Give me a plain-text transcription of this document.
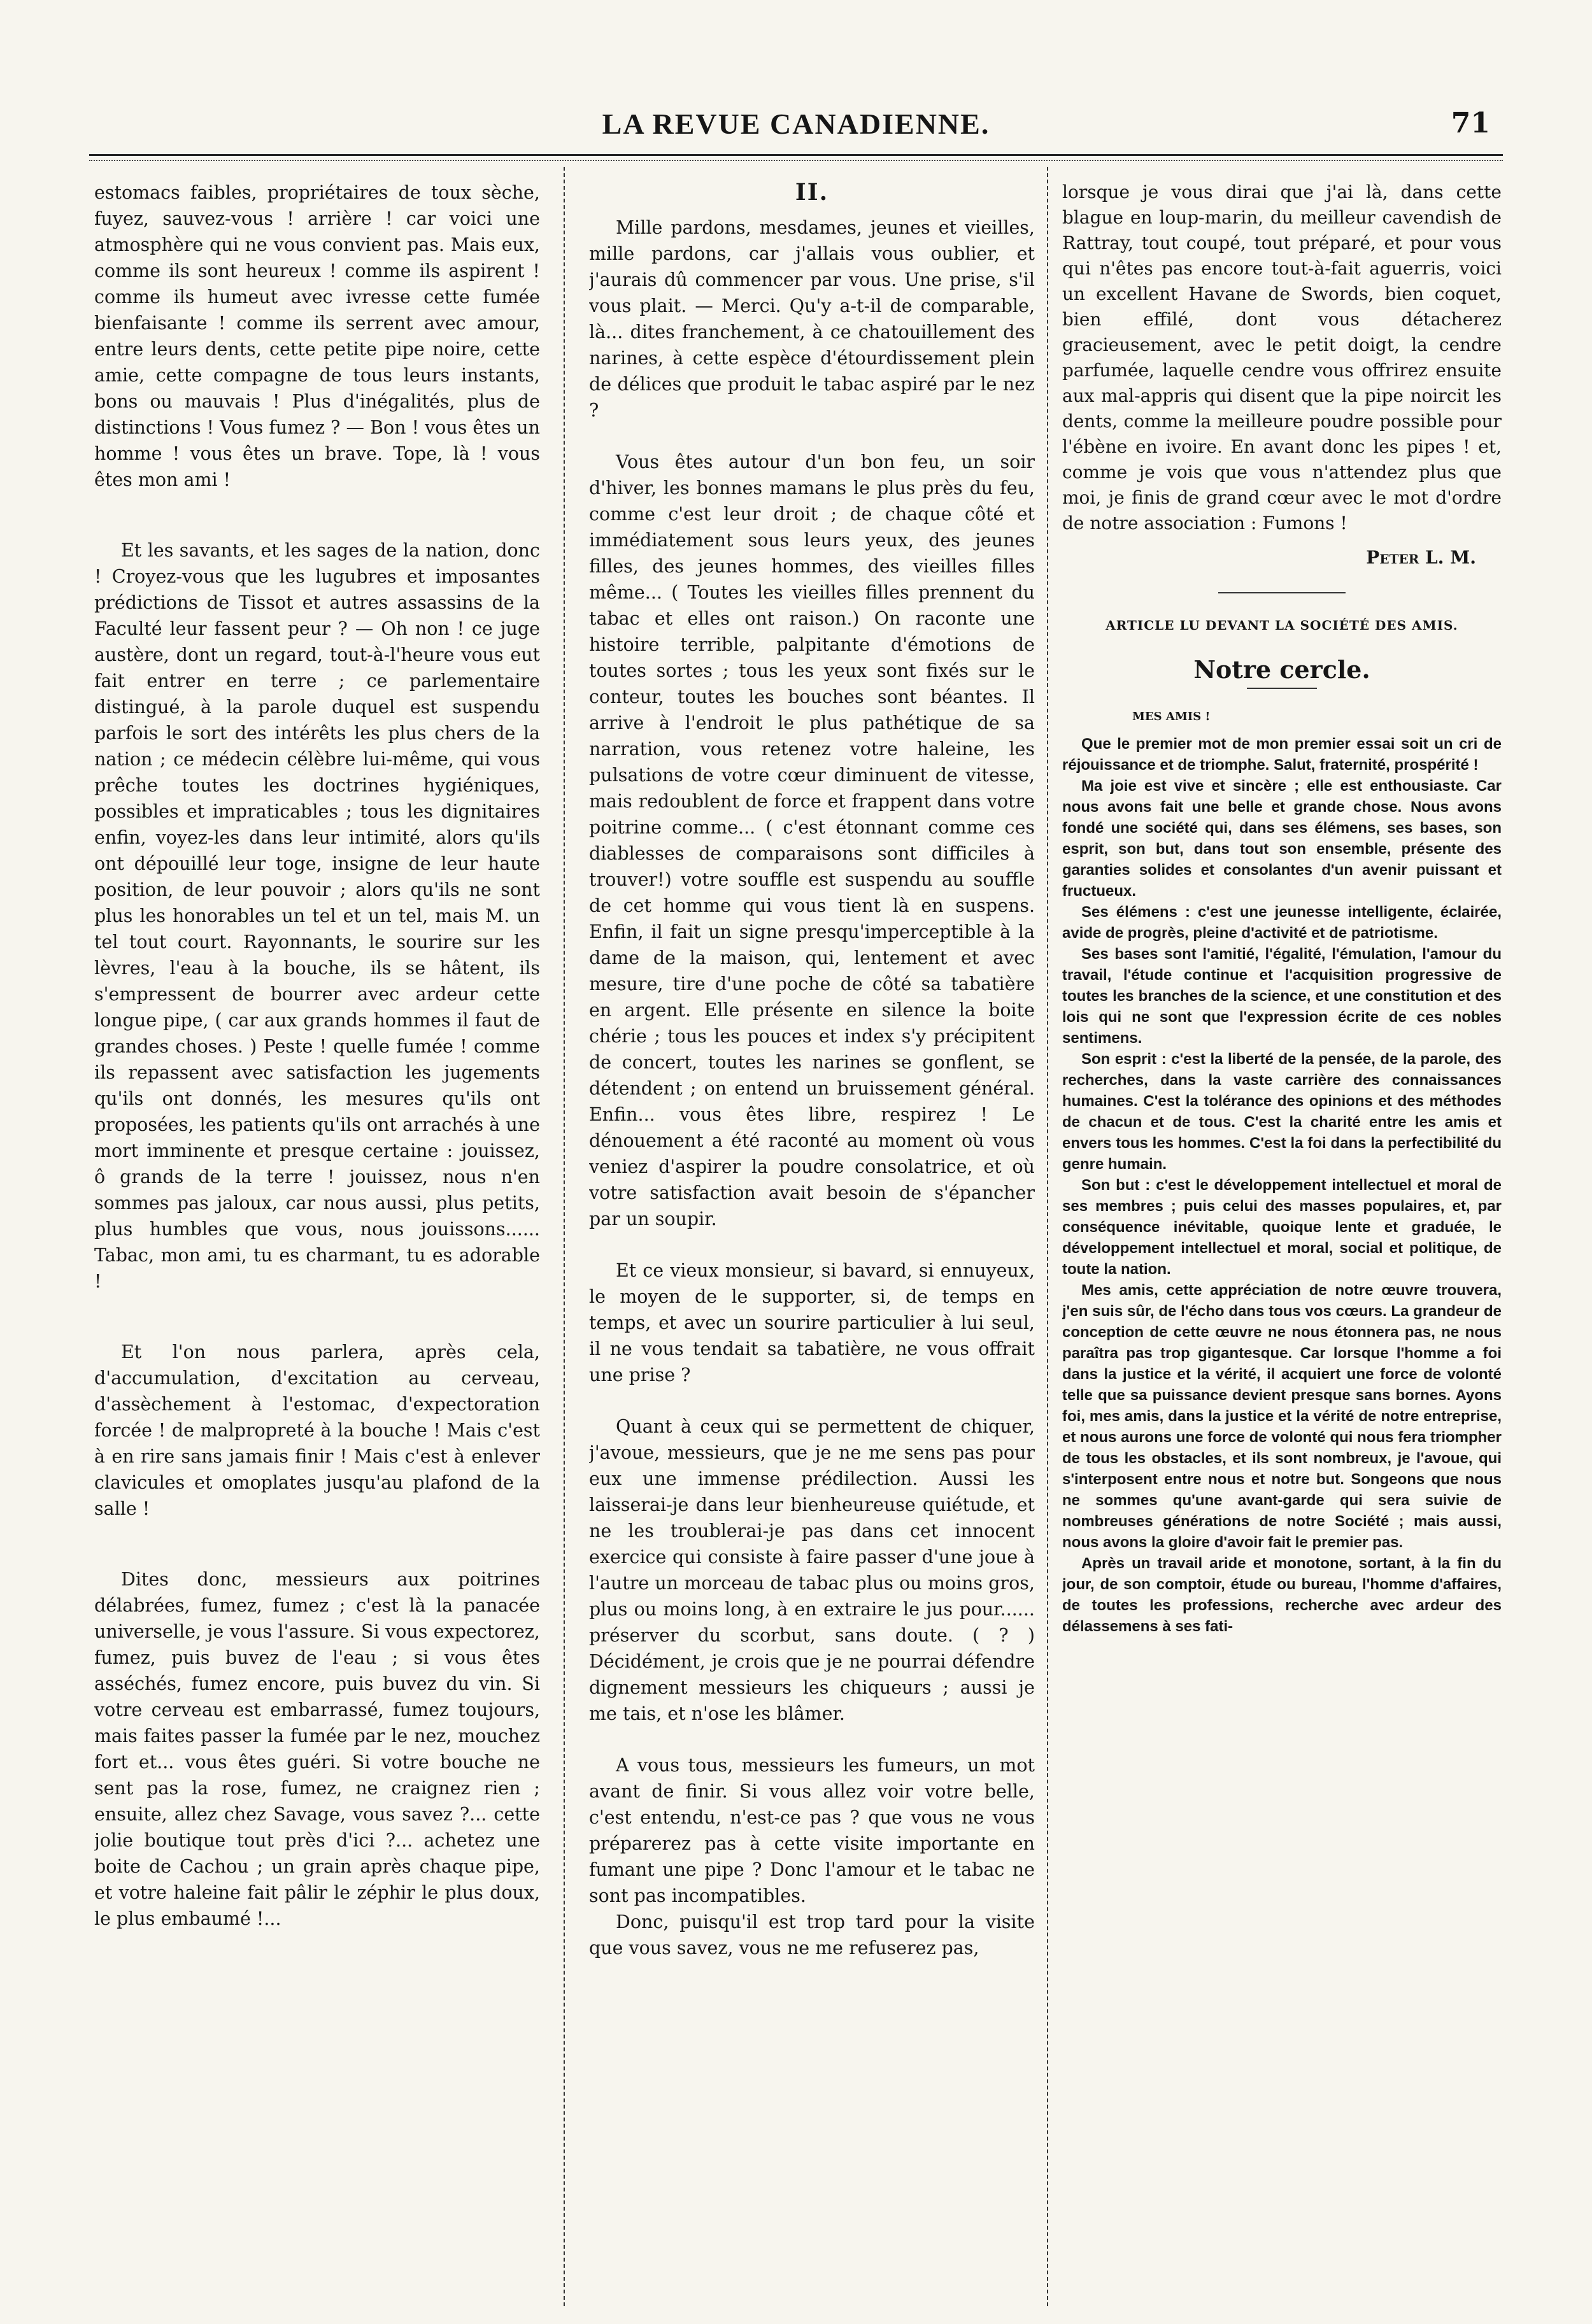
LA REVUE CANADIENNE.	71

estomacs faibles, propriétaires de toux sèche, fuyez, sauvez-vous ! arrière ! car voici une atmosphère qui ne vous convient pas. Mais eux, comme ils sont heureux ! comme ils aspirent ! comme ils humeut avec ivresse cette fumée bienfaisante ! comme ils serrent avec amour, entre leurs dents, cette petite pipe noire, cette amie, cette compagne de tous leurs instants, bons ou mauvais ! Plus d'inégalités, plus de distinctions ! Vous fumez ? — Bon ! vous êtes un homme ! vous êtes un brave. Tope, là ! vous êtes mon ami !

Et les savants, et les sages de la nation, donc ! Croyez-vous que les lugubres et imposantes prédictions de Tissot et autres assassins de la Faculté leur fassent peur ? — Oh non ! ce juge austère, dont un regard, tout-à-l'heure vous eut fait entrer en terre ; ce parlementaire distingué, à la parole duquel est suspendu parfois le sort des intérêts les plus chers de la nation ; ce médecin célèbre lui-même, qui vous prêche toutes les doctrines hygiéniques, possibles et impraticables ; tous les dignitaires enfin, voyez-les dans leur intimité, alors qu'ils ont dépouillé leur toge, insigne de leur haute position, de leur pouvoir ; alors qu'ils ne sont plus les honorables un tel et un tel, mais M. un tel tout court. Rayonnants, le sourire sur les lèvres, l'eau à la bouche, ils se hâtent, ils s'empressent de bourrer avec ardeur cette longue pipe, ( car aux grands hommes il faut de grandes choses. ) Peste ! quelle fumée ! comme ils repassent avec satisfaction les jugements qu'ils ont donnés, les mesures qu'ils ont proposées, les patients qu'ils ont arrachés à une mort imminente et presque certaine : jouissez, ô grands de la terre ! jouissez, nous n'en sommes pas jaloux, car nous aussi, plus petits, plus humbles que vous, nous jouissons...... Tabac, mon ami, tu es charmant, tu es adorable !

Et l'on nous parlera, après cela, d'accumulation, d'excitation au cerveau, d'assèchement à l'estomac, d'expectoration forcée ! de malpropreté à la bouche ! Mais c'est à en rire sans jamais finir ! Mais c'est à enlever clavicules et omoplates jusqu'au plafond de la salle !

Dites donc, messieurs aux poitrines délabrées, fumez, fumez ; c'est là la panacée universelle, je vous l'assure. Si vous expectorez, fumez, puis buvez de l'eau ; si vous êtes asséchés, fumez encore, puis buvez du vin. Si votre cerveau est embarrassé, fumez toujours, mais faites passer la fumée par le nez, mouchez fort et... vous êtes guéri. Si votre bouche ne sent pas la rose, fumez, ne craignez rien ; ensuite, allez chez Savage, vous savez ?... cette jolie boutique tout près d'ici ?... achetez une boite de Cachou ; un grain après chaque pipe, et votre haleine fait pâlir le zéphir le plus doux, le plus embaumé !...

II.

Mille pardons, mesdames, jeunes et vieilles, mille pardons, car j'allais vous oublier, et j'aurais dû commencer par vous. Une prise, s'il vous plait. — Merci. Qu'y a-t-il de comparable, là... dites franchement, à ce chatouillement des narines, à cette espèce d'étourdissement plein de délices que produit le tabac aspiré par le nez ?

Vous êtes autour d'un bon feu, un soir d'hiver, les bonnes mamans le plus près du feu, comme c'est leur droit ; de chaque côté et immédiatement sous leurs yeux, des jeunes filles, des jeunes hommes, des vieilles filles même... ( Toutes les vieilles filles prennent du tabac et elles ont raison.) On raconte une histoire terrible, palpitante d'émotions de toutes sortes ; tous les yeux sont fixés sur le conteur, toutes les bouches sont béantes. Il arrive à l'endroit le plus pathétique de sa narration, vous retenez votre haleine, les pulsations de votre cœur diminuent de vitesse, mais redoublent de force et frappent dans votre poitrine comme... ( c'est étonnant comme ces diablesses de comparaisons sont difficiles à trouver!) votre souffle est suspendu au souffle de cet homme qui vous tient là en suspens. Enfin, il fait un signe presqu'imperceptible à la dame de la maison, qui, lentement et avec mesure, tire d'une poche de côté sa tabatière en argent. Elle présente en silence la boite chérie ; tous les pouces et index s'y précipitent de concert, toutes les narines se gonflent, se détendent ; on entend un bruissement général. Enfin... vous êtes libre, respirez ! Le dénouement a été raconté au moment où vous veniez d'aspirer la poudre consolatrice, et où votre satisfaction avait besoin de s'épancher par un soupir.

Et ce vieux monsieur, si bavard, si ennuyeux, le moyen de le supporter, si, de temps en temps, et avec un sourire particulier à lui seul, il ne vous tendait sa tabatière, ne vous offrait une prise ?

Quant à ceux qui se permettent de chiquer, j'avoue, messieurs, que je ne me sens pas pour eux une immense prédilection. Aussi les laisserai-je dans leur bienheureuse quiétude, et ne les troublerai-je pas dans cet innocent exercice qui consiste à faire passer d'une joue à l'autre un morceau de tabac plus ou moins gros, plus ou moins long, à en extraire le jus pour...... préserver du scorbut, sans doute. ( ? ) Décidément, je crois que je ne pourrai défendre dignement messieurs les chiqueurs ; aussi je me tais, et n'ose les blâmer.

A vous tous, messieurs les fumeurs, un mot avant de finir. Si vous allez voir votre belle, c'est entendu, n'est-ce pas ? que vous ne vous préparerez pas à cette visite importante en fumant une pipe ? Donc l'amour et le tabac ne sont pas incompatibles.

Donc, puisqu'il est trop tard pour la visite que vous savez, vous ne me refuserez pas,

lorsque je vous dirai que j'ai là, dans cette blague en loup-marin, du meilleur cavendish de Rattray, tout coupé, tout préparé, et pour vous qui n'êtes pas encore tout-à-fait aguerris, voici un excellent Havane de Swords, bien coquet, bien effilé, dont vous détacherez gracieusement, avec le petit doigt, la cendre parfumée, laquelle cendre vous offrirez ensuite aux mal-appris qui disent que la pipe noircit les dents, comme la meilleure poudre possible pour l'ébène en ivoire. En avant donc les pipes ! et, comme je vois que vous n'attendez plus que moi, je finis de grand cœur avec le mot d'ordre de notre association : Fumons !

Peter L. M.
ARTICLE LU DEVANT LA SOCIÉTÉ DES AMIS.
Notre cercle.
MES AMIS !

Que le premier mot de mon premier essai soit un cri de réjouissance et de triomphe. Salut, fraternité, prospérité !

Ma joie est vive et sincère ; elle est enthousiaste. Car nous avons fait une belle et grande chose. Nous avons fondé une société qui, dans ses élémens, ses bases, son esprit, son but, dans tout son ensemble, présente des garanties solides et consolantes d'un avenir puissant et fructueux.

Ses élémens : c'est une jeunesse intelligente, éclairée, avide de progrès, pleine d'activité et de patriotisme.

Ses bases sont l'amitié, l'égalité, l'émulation, l'amour du travail, l'étude continue et l'acquisition progressive de toutes les branches de la science, et une constitution et des lois qui ne sont que l'expression écrite de ces nobles sentimens.

Son esprit : c'est la liberté de la pensée, de la parole, des recherches, dans la vaste carrière des connaissances humaines. C'est la tolérance des opinions et des méthodes de chacun et de tous. C'est la charité entre les amis et envers tous les hommes. C'est la foi dans la perfectibilité du genre humain.

Son but : c'est le développement intellectuel et moral de ses membres ; puis celui des masses populaires, et, par conséquence inévitable, quoique lente et graduée, le développement intellectuel et moral, social et politique, de toute la nation.

Mes amis, cette appréciation de notre œuvre trouvera, j'en suis sûr, de l'écho dans tous vos cœurs. La grandeur de conception de cette œuvre ne nous étonnera pas, ne nous paraîtra pas trop gigantesque. Car lorsque l'homme a foi dans la justice et la vérité, il acquiert une force de volonté telle que sa puissance devient presque sans bornes. Ayons foi, mes amis, dans la justice et la vérité de notre entreprise, et nous aurons une force de volonté qui nous fera triompher de tous les obstacles, et ils sont nombreux, je l'avoue, qui s'interposent entre nous et notre but. Songeons que nous ne sommes qu'une avant-garde qui sera suivie de nombreuses générations de notre Société ; mais aussi, nous avons la gloire d'avoir fait le premier pas.

Après un travail aride et monotone, sortant, à la fin du jour, de son comptoir, étude ou bureau, l'homme d'affaires, de toutes les professions, recherche avec ardeur des délassemens à ses fati-
